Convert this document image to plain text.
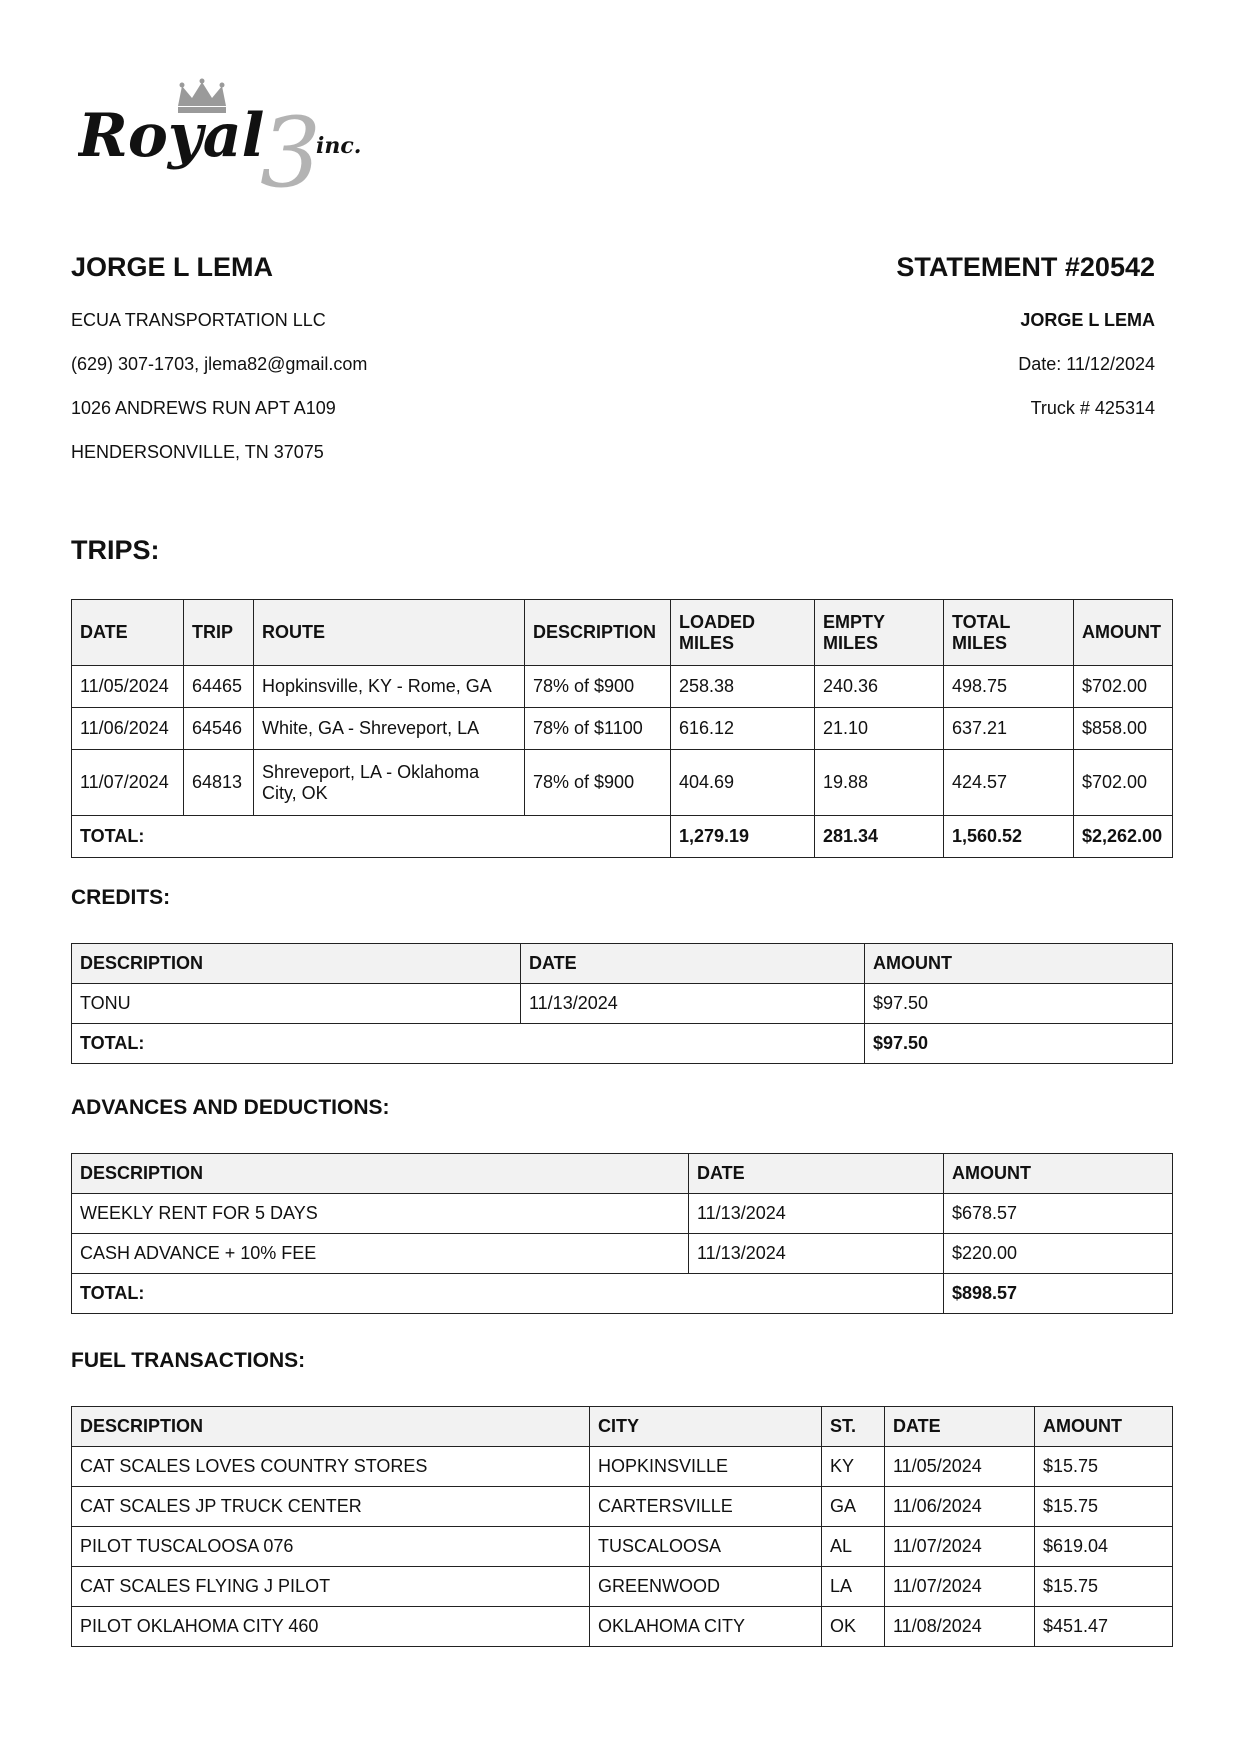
3
Royal inc.

JORGE L LEMA

ECUA TRANSPORTATION LLC

(629) 307-1703, jlema82@gmail.com

1026 ANDREWS RUN APT A109

HENDERSONVILLE, TN 37075

STATEMENT #20542

JORGE L LEMA

Date: 11/12/2024

Truck # 425314

TRIPS:

DATE	TRIP	ROUTE	DESCRIPTION	LOADED MILES	EMPTY MILES	TOTAL MILES	AMOUNT
11/05/2024	64465	Hopkinsville, KY - Rome, GA	78% of $900	258.38	240.36	498.75	$702.00
11/06/2024	64546	White, GA - Shreveport, LA	78% of $1100	616.12	21.10	637.21	$858.00
11/07/2024	64813	Shreveport, LA - Oklahoma City, OK	78% of $900	404.69	19.88	424.57	$702.00
TOTAL:				1,279.19	281.34	1,560.52	$2,262.00

CREDITS:

DESCRIPTION	DATE	AMOUNT
TONU	11/13/2024	$97.50
TOTAL:		$97.50

ADVANCES AND DEDUCTIONS:

DESCRIPTION	DATE	AMOUNT
WEEKLY RENT FOR 5 DAYS	11/13/2024	$678.57
CASH ADVANCE + 10% FEE	11/13/2024	$220.00
TOTAL:		$898.57

FUEL TRANSACTIONS:

DESCRIPTION	CITY	ST.	DATE	AMOUNT
CAT SCALES LOVES COUNTRY STORES	HOPKINSVILLE	KY	11/05/2024	$15.75
CAT SCALES JP TRUCK CENTER	CARTERSVILLE	GA	11/06/2024	$15.75
PILOT TUSCALOOSA 076	TUSCALOOSA	AL	11/07/2024	$619.04
CAT SCALES FLYING J PILOT	GREENWOOD	LA	11/07/2024	$15.75
PILOT OKLAHOMA CITY 460	OKLAHOMA CITY	OK	11/08/2024	$451.47
